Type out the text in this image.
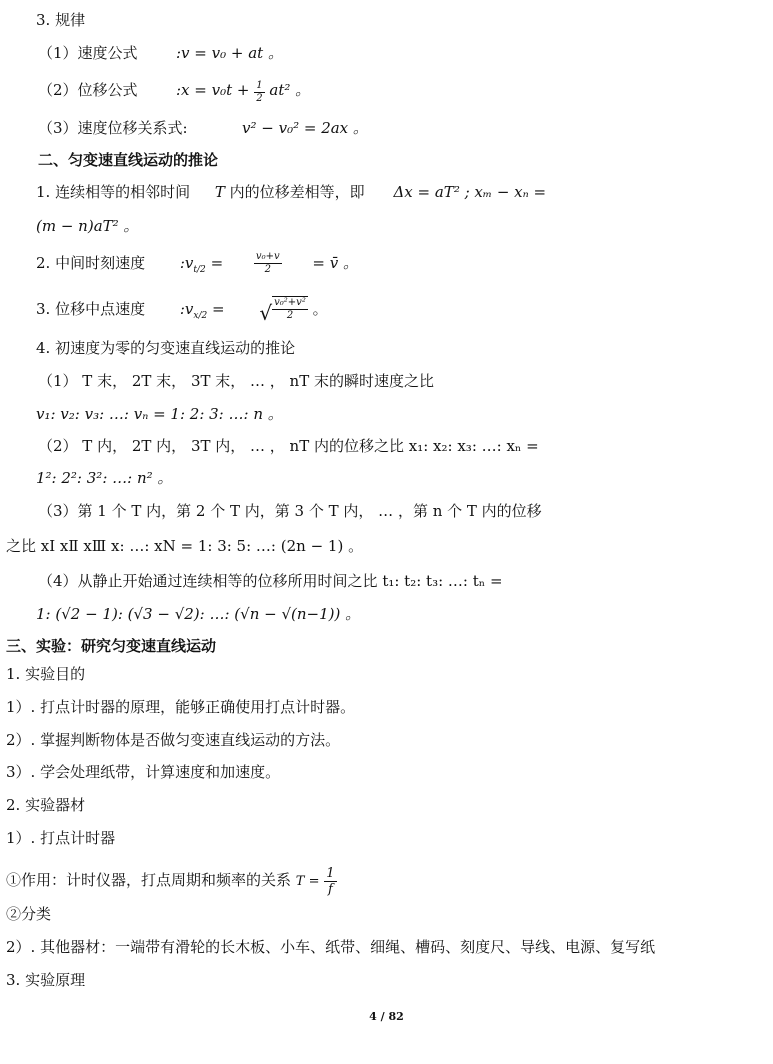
3. 规律
（1）速度公式	:v = v₀ + at 。
（2）位移公式	:x = $v_0t + \frac{1}{2} at^2$ 。
（3）速度位移关系式:	v² − v₀² = 2ax 。
二、匀变速直线运动的推论
1. 连续相等的相邻时间 T 内的位移差相等，即 Δx = aT² ; xₘ − xₙ =
(m − n)aT² 。
2. 中间时刻速度 $:v_{t/2}$ =	$\frac{\text{v₀+v}}{2}$ = v̄ 。
3. 位移中点速度 $:v_{x/2}$ = √ $\frac{\text{v₀²+v²}}{2}$ 。
4. 初速度为零的匀变速直线运动的推论
（1） T 末， 2T 末， 3T 末， … ， nT 末的瞬时速度之比
v₁: v₂: v₃: …: vₙ = 1: 2: 3: …: n 。
（2） T 内， 2T 内， 3T 内， … ， nT 内的位移之比 x₁: x₂: x₃: …: xₙ =
1²: 2²: 3²: …: n² 。
（3）第 1 个 T 内，第 2 个 T 内，第 3 个 T 内， … ，第 n 个 T 内的位移
之比 xⅠ xⅡ xⅢ x: …: xN = 1: 3: 5: …: (2n − 1) 。
（4）从静止开始通过连续相等的位移所用时间之比 t₁: t₂: t₃: …: tₙ =
1: (√2 − 1): (√3 − √2): …: (√n − √(n−1)) 。
三、实验：研究匀变速直线运动
1. 实验目的
1）. 打点计时器的原理，能够正确使用打点计时器。
2）. 掌握判断物体是否做匀变速直线运动的方法。
3）. 学会处理纸带，计算速度和加速度。
2. 实验器材
1）. 打点计时器
①作用：计时仪器，打点周期和频率的关系 $T = \frac{1}{f}$
②分类
2）. 其他器材：一端带有滑轮的长木板、小车、纸带、细绳、槽码、刻度尺、导线、电源、复写纸
3. 实验原理
4 / 82
